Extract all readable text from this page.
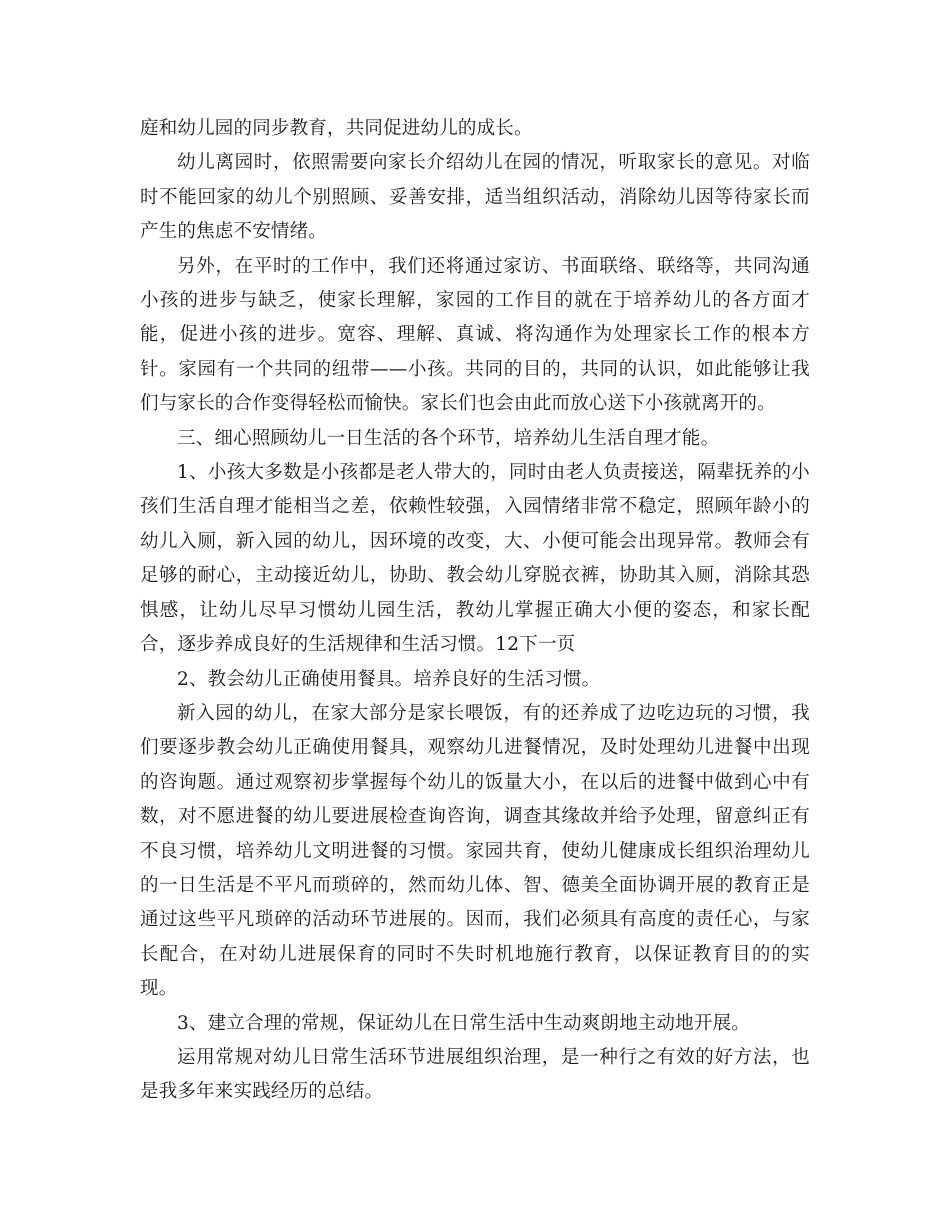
庭和幼儿园的同步教育，共同促进幼儿的成长。

幼儿离园时，依照需要向家长介绍幼儿在园的情况，听取家长的意见。对临时不能回家的幼儿个别照顾、妥善安排，适当组织活动，消除幼儿因等待家长而产生的焦虑不安情绪。

另外，在平时的工作中，我们还将通过家访、书面联络、联络等，共同沟通小孩的进步与缺乏，使家长理解，家园的工作目的就在于培养幼儿的各方面才能，促进小孩的进步。宽容、理解、真诚、将沟通作为处理家长工作的根本方针。家园有一个共同的纽带——小孩。共同的目的，共同的认识，如此能够让我们与家长的合作变得轻松而愉快。家长们也会由此而放心送下小孩就离开的。

三、细心照顾幼儿一日生活的各个环节，培养幼儿生活自理才能。

1、小孩大多数是小孩都是老人带大的，同时由老人负责接送，隔辈抚养的小孩们生活自理才能相当之差，依赖性较强，入园情绪非常不稳定，照顾年龄小的幼儿入厕，新入园的幼儿，因环境的改变，大、小便可能会出现异常。教师会有足够的耐心，主动接近幼儿，协助、教会幼儿穿脱衣裤，协助其入厕，消除其恐惧感，让幼儿尽早习惯幼儿园生活，教幼儿掌握正确大小便的姿态，和家长配合，逐步养成良好的生活规律和生活习惯。12下一页

2、教会幼儿正确使用餐具。培养良好的生活习惯。

新入园的幼儿，在家大部分是家长喂饭，有的还养成了边吃边玩的习惯，我们要逐步教会幼儿正确使用餐具，观察幼儿进餐情况，及时处理幼儿进餐中出现的咨询题。通过观察初步掌握每个幼儿的饭量大小，在以后的进餐中做到心中有数，对不愿进餐的幼儿要进展检查询咨询，调查其缘故并给予处理，留意纠正有不良习惯，培养幼儿文明进餐的习惯。家园共育，使幼儿健康成长组织治理幼儿的一日生活是不平凡而琐碎的，然而幼儿体、智、德美全面协调开展的教育正是通过这些平凡琐碎的活动环节进展的。因而，我们必须具有高度的责任心，与家长配合，在对幼儿进展保育的同时不失时机地施行教育，以保证教育目的的实现。

3、建立合理的常规，保证幼儿在日常生活中生动爽朗地主动地开展。

运用常规对幼儿日常生活环节进展组织治理，是一种行之有效的好方法，也是我多年来实践经历的总结。
